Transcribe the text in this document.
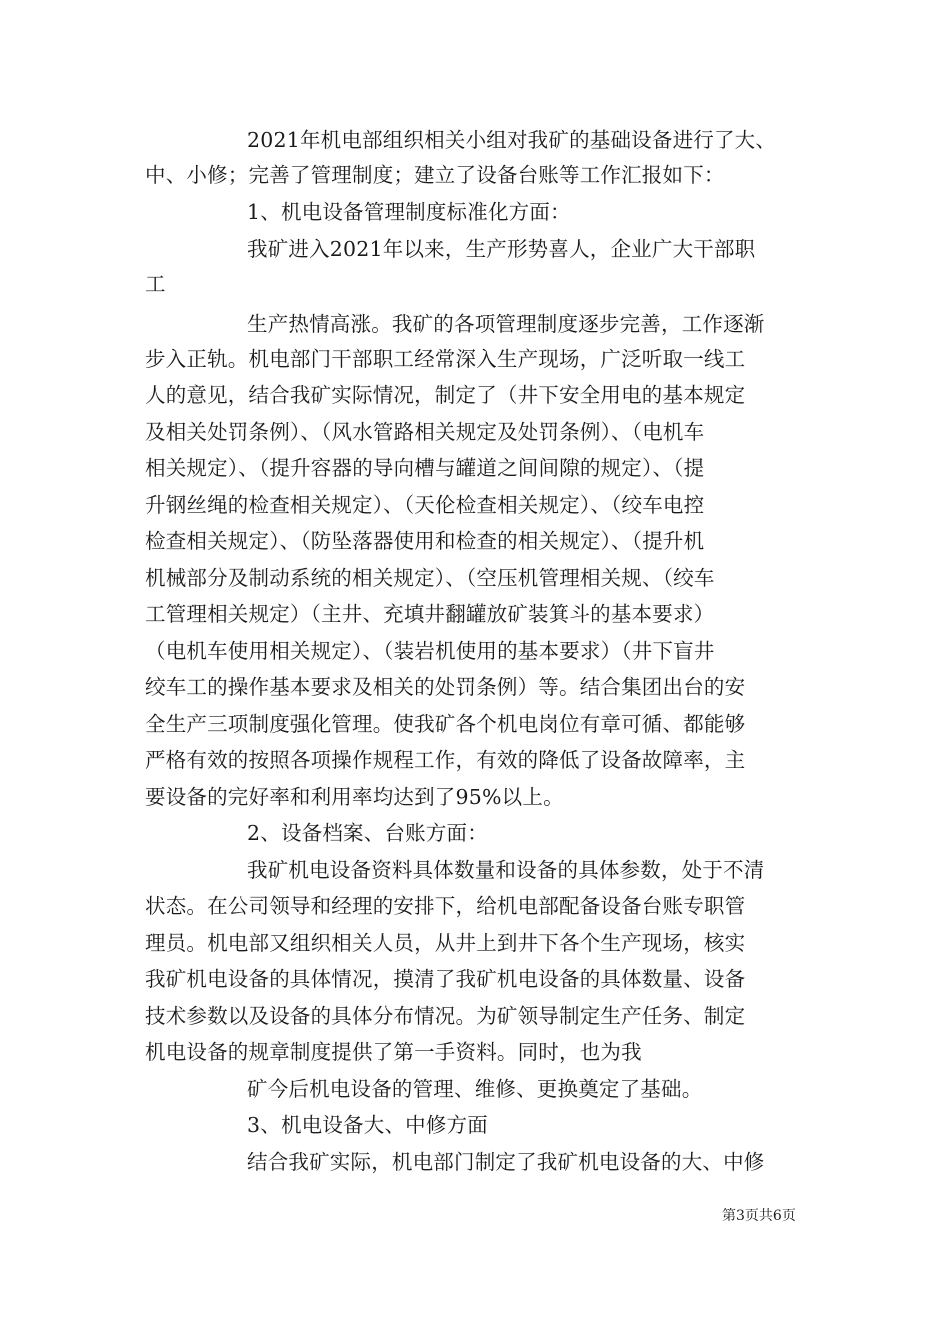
2021年机电部组织相关小组对我矿的基础设备进行了大、
中、小修；完善了管理制度；建立了设备台账等工作汇报如下：
1、机电设备管理制度标准化方面：
我矿进入2021年以来，生产形势喜人，企业广大干部职
工
生产热情高涨。我矿的各项管理制度逐步完善，工作逐渐
步入正轨。机电部门干部职工经常深入生产现场，广泛听取一线工
人的意见，结合我矿实际情况，制定了（井下安全用电的基本规定
及相关处罚条例）、（风水管路相关规定及处罚条例）、（电机车
相关规定）、（提升容器的导向槽与罐道之间间隙的规定）、（提
升钢丝绳的检查相关规定）、（天伦检查相关规定）、（绞车电控
检查相关规定）、（防坠落器使用和检查的相关规定）、（提升机
机械部分及制动系统的相关规定）、（空压机管理相关规、（绞车
工管理相关规定）（主井、充填井翻罐放矿装箕斗的基本要求）
（电机车使用相关规定）、（装岩机使用的基本要求）（井下盲井
绞车工的操作基本要求及相关的处罚条例）等。结合集团出台的安
全生产三项制度强化管理。使我矿各个机电岗位有章可循、都能够
严格有效的按照各项操作规程工作，有效的降低了设备故障率，主
要设备的完好率和利用率均达到了95%以上。
2、设备档案、台账方面：
我矿机电设备资料具体数量和设备的具体参数，处于不清
状态。在公司领导和经理的安排下，给机电部配备设备台账专职管
理员。机电部又组织相关人员，从井上到井下各个生产现场，核实
我矿机电设备的具体情况，摸清了我矿机电设备的具体数量、设备
技术参数以及设备的具体分布情况。为矿领导制定生产任务、制定
机电设备的规章制度提供了第一手资料。同时，也为我
矿今后机电设备的管理、维修、更换奠定了基础。
3、机电设备大、中修方面
结合我矿实际，机电部门制定了我矿机电设备的大、中修
第3页共6页
